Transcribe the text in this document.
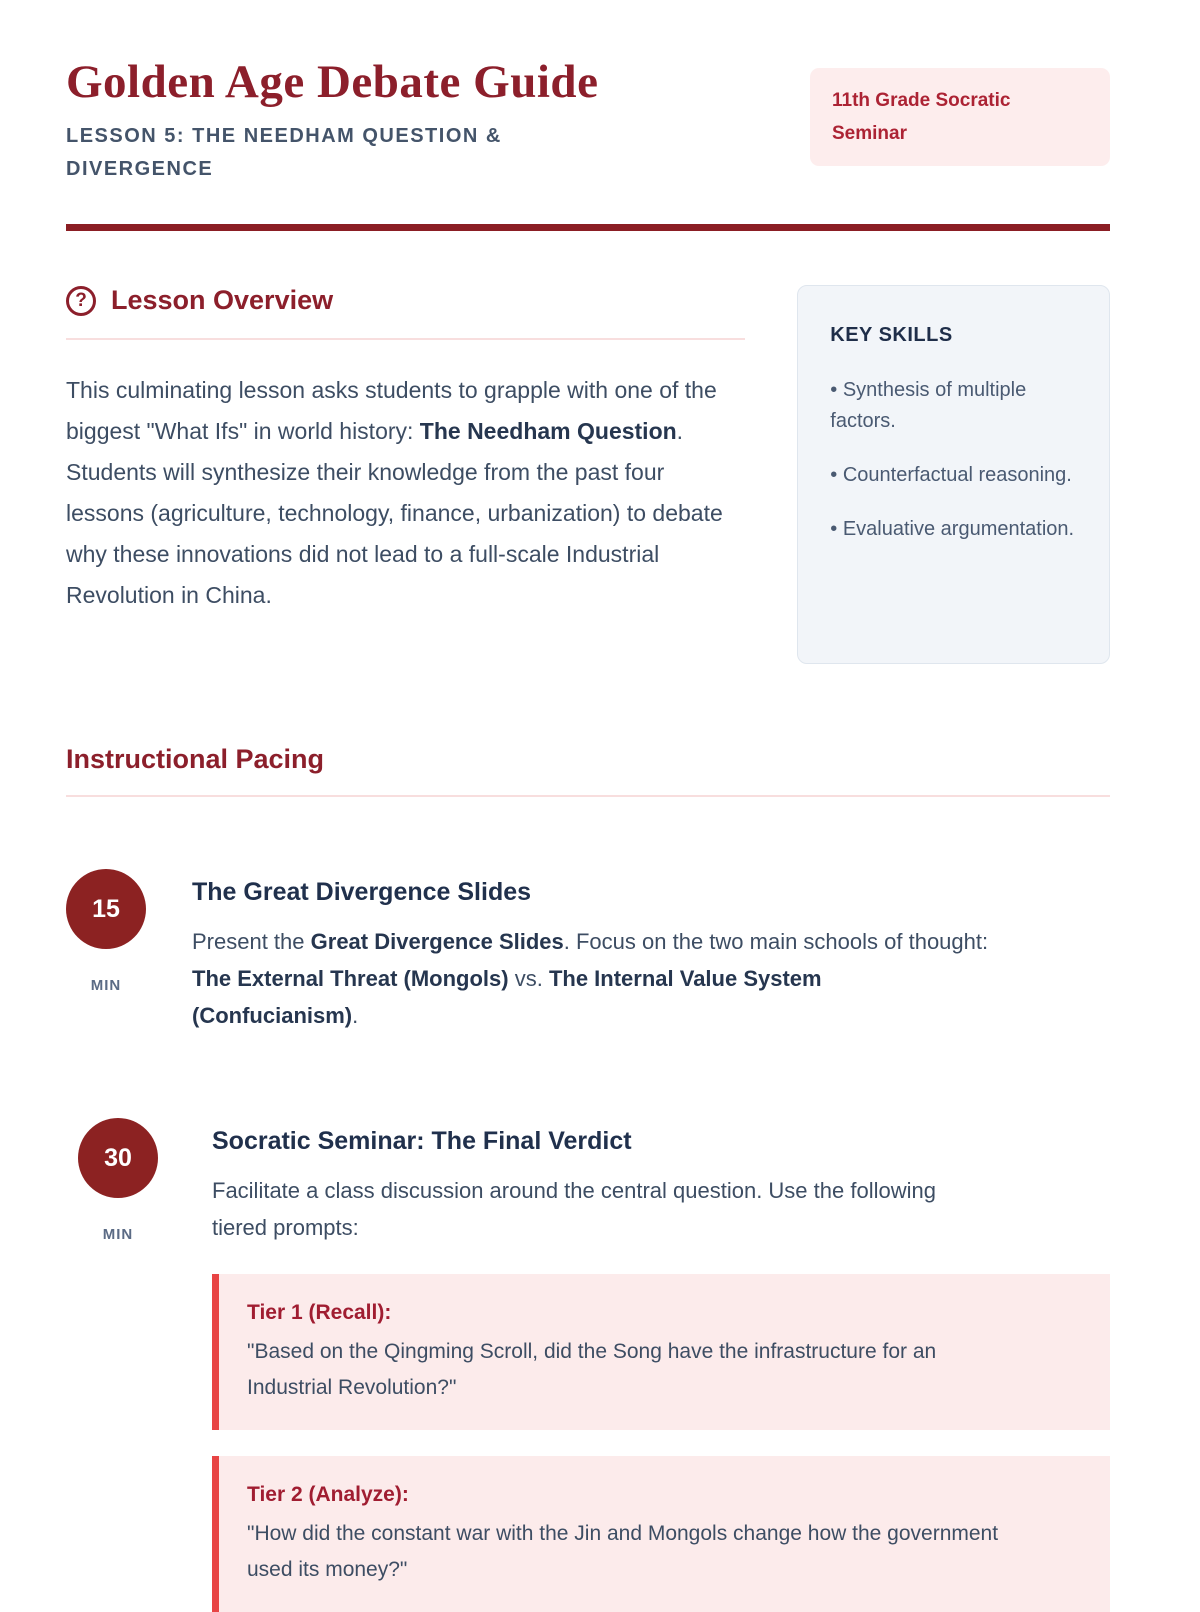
Golden Age Debate Guide
LESSON 5: THE NEEDHAM QUESTION & DIVERGENCE
11th Grade Socratic Seminar
? Lesson Overview

This culminating lesson asks students to grapple with one of the biggest "What Ifs" in world history: The Needham Question. Students will synthesize their knowledge from the past four lessons (agriculture, technology, finance, urbanization) to debate why these innovations did not lead to a full-scale Industrial Revolution in China.

KEY SKILLS
• Synthesis of multiple factors.
• Counterfactual reasoning.
• Evaluative argumentation.
Instructional Pacing
15
MIN
The Great Divergence Slides

Present the Great Divergence Slides. Focus on the two main schools of thought: The External Threat (Mongols) vs. The Internal Value System (Confucianism).

30
MIN
Socratic Seminar: The Final Verdict

Facilitate a class discussion around the central question. Use the following tiered prompts:

Tier 1 (Recall):
"Based on the Qingming Scroll, did the Song have the infrastructure for an Industrial Revolution?"
Tier 2 (Analyze):
"How did the constant war with the Jin and Mongols change how the government used its money?"
